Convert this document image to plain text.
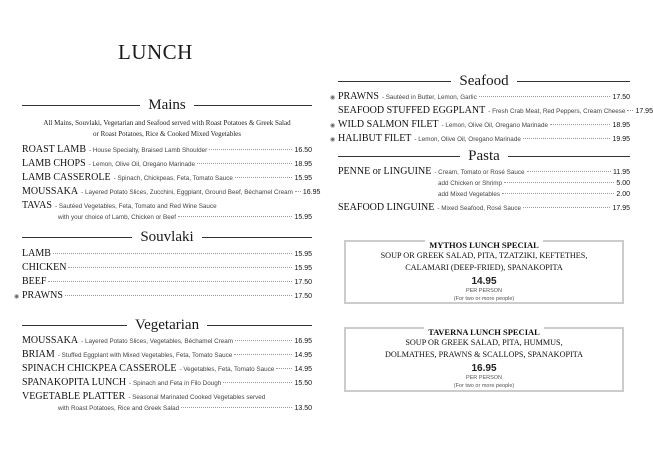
LUNCH
Mains
All Mains, Souvlaki, Vegetarian and Seafood served with Roast Potatoes & Greek Salad
or Roast Potatoes, Rice & Cooked Mixed Vegetables
ROAST LAMB - House Specialty, Braised Lamb Shoulder	16.50
LAMB CHOPS - Lemon, Olive Oil, Oregano Marinade	18.95
LAMB CASSEROLE - Spinach, Chickpeas, Feta, Tomato Sauce	15.95
MOUSSAKA - Layered Potato Slices, Zucchini, Eggplant, Ground Beef, Béchamel Cream 16.95
TAVAS - Sautéed Vegetables, Feta, Tomato and Red Wine Sauce
with your choice of Lamb, Chicken or Beef	15.95
Souvlaki
LAMB	15.95
CHICKEN	15.95
BEEF	17.50
◉ PRAWNS	17.50
Vegetarian
MOUSSAKA - Layered Potato Slices, Vegetables, Béchamel Cream	16.95
BRIAM - Stuffed Eggplant with Mixed Vegetables, Feta, Tomato Sauce	14.95
SPINACH CHICKPEA CASSEROLE - Vegetables, Feta, Tomato Sauce	14.95
SPANAKOPITA LUNCH - Spinach and Feta in Filo Dough	15.50
VEGETABLE PLATTER - Seasonal Marinated Cooked Vegetables served
with Roast Potatoes, Rice and Greek Salad	13.50
Seafood
◉ PRAWNS - Sautéed in Butter, Lemon, Garlic	17.50
SEAFOOD STUFFED EGGPLANT - Fresh Crab Meat, Red Peppers, Cream Cheese 17.95
◉ WILD SALMON FILET - Lemon, Olive Oil, Oregano Marinade	18.95
◉ HALIBUT FILET - Lemon, Olive Oil, Oregano Marinade	19.95
Pasta
PENNE or LINGUINE - Cream, Tomato or Rosé Sauce	11.95
add Chicken or Shrimp	5.00
add Mixed Vegetables	2.00
SEAFOOD LINGUINE - Mixed Seafood, Rosé Sauce	17.95
MYTHOS LUNCH SPECIAL
SOUP OR GREEK SALAD, PITA, TZATZIKI, KEFTETHES,
CALAMARI (DEEP-FRIED), SPANAKOPITA
14.95
PER PERSON
(For two or more people)
TAVERNA LUNCH SPECIAL
SOUP OR GREEK SALAD, PITA, HUMMUS,
DOLMATHES, PRAWNS & SCALLOPS, SPANAKOPITA
16.95
PER PERSON
(For two or more people)
